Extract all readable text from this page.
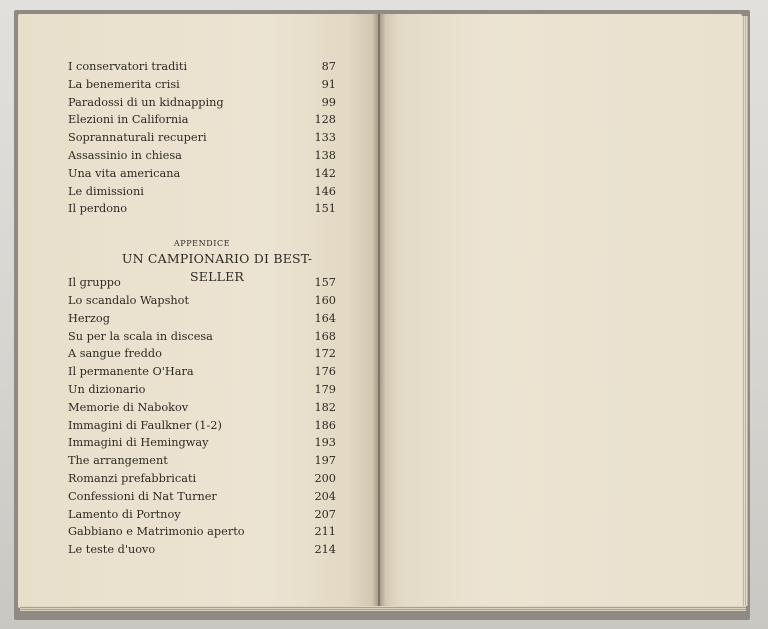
I conservatori traditi	87
La benemerita crisi	91
Paradossi di un kidnapping	99
Elezioni in California	128
Soprannaturali recuperi	133
Assassinio in chiesa	138
Una vita americana	142
Le dimissioni	146
Il perdono	151
APPENDICE
UN CAMPIONARIO DI BEST-SELLER
Il gruppo	157
Lo scandalo Wapshot	160
Herzog	164
Su per la scala in discesa	168
A sangue freddo	172
Il permanente O'Hara	176
Un dizionario	179
Memorie di Nabokov	182
Immagini di Faulkner (1-2)	186
Immagini di Hemingway	193
The arrangement	197
Romanzi prefabbricati	200
Confessioni di Nat Turner	204
Lamento di Portnoy	207
Gabbiano e Matrimonio aperto	211
Le teste d'uovo	214
